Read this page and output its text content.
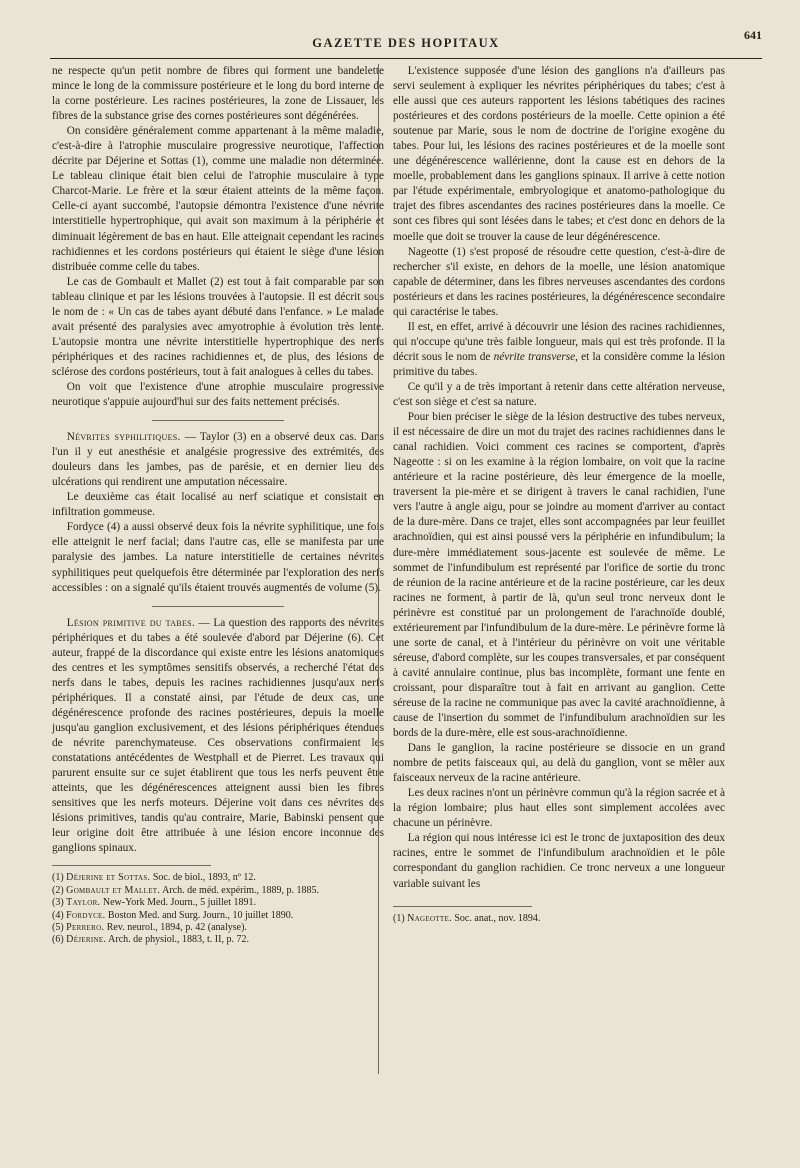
GAZETTE DES HOPITAUX
641

ne respecte qu'un petit nombre de fibres qui forment une bandelette mince le long de la commissure postérieure et le long du bord interne de la corne postérieure. Les racines postérieures, la zone de Lissauer, les fibres de la substance grise des cornes postérieures sont dégénérées.

On considère généralement comme appartenant à la même maladie, c'est-à-dire à l'atrophie musculaire progressive neurotique, l'affection décrite par Déjerine et Sottas (1), comme une maladie non déterminée. Le tableau clinique était bien celui de l'atrophie musculaire à type Charcot-Marie. Le frère et la sœur étaient atteints de la même façon. Celle-ci ayant succombé, l'autopsie démontra l'existence d'une névrite interstitielle hypertrophique, qui avait son maximum à la périphérie et diminuait légèrement de bas en haut. Elle atteignait cependant les racines rachidiennes et les cordons postérieurs qui étaient le siège d'une lésion distribuée comme celle du tabes.

Le cas de Gombault et Mallet (2) est tout à fait comparable par son tableau clinique et par les lésions trouvées à l'autopsie. Il est décrit sous le nom de : « Un cas de tabes ayant débuté dans l'enfance. » Le malade avait présenté des paralysies avec amyotrophie à évolution très lente. L'autopsie montra une névrite interstitielle hypertrophique des nerfs périphériques et des racines rachidiennes et, de plus, des lésions de sclérose des cordons postérieurs, tout à fait analogues à celles du tabes.

On voit que l'existence d'une atrophie musculaire progressive neurotique s'appuie aujourd'hui sur des faits nettement précisés.

Névrites syphilitiques. — Taylor (3) en a observé deux cas. Dans l'un il y eut anesthésie et analgésie progressive des extrémités, des douleurs dans les jambes, pas de parésie, et en dernier lieu des ulcérations qui rendirent une amputation nécessaire.

Le deuxième cas était localisé au nerf sciatique et consistait en infiltration gommeuse.

Fordyce (4) a aussi observé deux fois la névrite syphilitique, une fois elle atteignit le nerf facial; dans l'autre cas, elle se manifesta par une paralysie des jambes. La nature interstitielle de certaines névrites syphilitiques peut quelquefois être déterminée par l'exploration des nerfs accessibles : on a signalé qu'ils étaient trouvés augmentés de volume (5).

Lésion primitive du tabes. — La question des rapports des névrites périphériques et du tabes a été soulevée d'abord par Déjerine (6). Cet auteur, frappé de la discordance qui existe entre les lésions anatomiques des centres et les symptômes sensitifs observés, a recherché l'état des nerfs dans le tabes, depuis les racines rachidiennes jusqu'aux nerfs périphériques. Il a constaté ainsi, par l'étude de deux cas, une dégénérescence profonde des racines postérieures, depuis la moelle jusqu'au ganglion exclusivement, et des lésions périphériques étendues de névrite parenchymateuse. Ces observations confirmaient les constatations antécédentes de Westphall et de Pierret. Les travaux qui parurent ensuite sur ce sujet établirent que tous les nerfs peuvent être atteints, que les dégénérescences atteignent aussi bien les fibres sensitives que les nerfs moteurs. Déjerine voit dans ces névrites des lésions primitives, tandis qu'au contraire, Marie, Babinski pensent que leur origine doit être attribuée à une lésion encore inconnue des ganglions spinaux.

(1) Déjerine et Sottas. Soc. de biol., 1893, nº 12.
(2) Gombault et Mallet. Arch. de méd. expérim., 1889, p. 1885.
(3) Taylor. New-York Med. Journ., 5 juillet 1891.
(4) Fordyce. Boston Med. and Surg. Journ., 10 juillet 1890.
(5) Perrero. Rev. neurol., 1894, p. 42 (analyse).
(6) Déjerine. Arch. de physiol., 1883, t. II, p. 72.

L'existence supposée d'une lésion des ganglions n'a d'ailleurs pas servi seulement à expliquer les névrites périphériques du tabes; c'est à elle aussi que ces auteurs rapportent les lésions tabétiques des racines postérieures et des cordons postérieurs de la moelle. Cette opinion a été soutenue par Marie, sous le nom de doctrine de l'origine exogène du tabes. Pour lui, les lésions des racines postérieures et de la moelle sont une dégénérescence wallérienne, dont la cause est en dehors de la moelle, probablement dans les ganglions spinaux. Il arrive à cette notion par l'étude expérimentale, embryologique et anatomo-pathologique du trajet des fibres ascendantes des racines postérieures dans la moelle. Ce sont ces fibres qui sont lésées dans le tabes; et c'est donc en dehors de la moelle que doit se trouver la cause de leur dégénérescence.

Nageotte (1) s'est proposé de résoudre cette question, c'est-à-dire de rechercher s'il existe, en dehors de la moelle, une lésion anatomique capable de déterminer, dans les fibres nerveuses ascendantes des cordons postérieurs et dans les racines postérieures, la dégénérescence secondaire qui caractérise le tabes.

Il est, en effet, arrivé à découvrir une lésion des racines rachidiennes, qui n'occupe qu'une très faible longueur, mais qui est très profonde. Il la décrit sous le nom de névrite transverse, et la considère comme la lésion primitive du tabes.

Ce qu'il y a de très important à retenir dans cette altération nerveuse, c'est son siège et c'est sa nature.

Pour bien préciser le siège de la lésion destructive des tubes nerveux, il est nécessaire de dire un mot du trajet des racines rachidiennes dans le canal rachidien. Voici comment ces racines se comportent, d'après Nageotte : si on les examine à la région lombaire, on voit que la racine antérieure et la racine postérieure, dès leur émergence de la moelle, traversent la pie-mère et se dirigent à travers le canal rachidien, l'une vers l'autre à angle aigu, pour se joindre au moment d'arriver au contact de la dure-mère. Dans ce trajet, elles sont accompagnées par leur feuillet arachnoïdien, qui est ainsi poussé vers la périphérie en infundibulum; la dure-mère immédiatement sous-jacente est soulevée de même. Le sommet de l'infundibulum est représenté par l'orifice de sortie du tronc de réunion de la racine antérieure et de la racine postérieure, car les deux racines ne forment, à partir de là, qu'un seul tronc nerveux dont le périnèvre est constitué par un prolongement de l'arachnoïde doublé, extérieurement par l'infundibulum de la dure-mère. Le périnèvre forme là une sorte de canal, et à l'intérieur du périnèvre on voit une véritable séreuse, d'abord complète, sur les coupes transversales, et par conséquent à cavité annulaire continue, plus bas incomplète, formant une fente en croissant, pour disparaître tout à fait en arrivant au ganglion. Cette séreuse de la racine ne communique pas avec la cavité arachnoïdienne, à cause de l'insertion du sommet de l'infundibulum arachnoïdien sur les bords de la dure-mère, elle est sous-arachnoïdienne.

Dans le ganglion, la racine postérieure se dissocie en un grand nombre de petits faisceaux qui, au delà du ganglion, vont se mêler aux faisceaux nerveux de la racine antérieure.

Les deux racines n'ont un périnèvre commun qu'à la région sacrée et à la région lombaire; plus haut elles sont simplement accolées avec chacune un périnèvre.

La région qui nous intéresse ici est le tronc de juxtaposition des deux racines, entre le sommet de l'infundibulum arachnoïdien et le pôle correspondant du ganglion rachidien. Ce tronc nerveux a une longueur variable suivant les

(1) Nageotte. Soc. anat., nov. 1894.
